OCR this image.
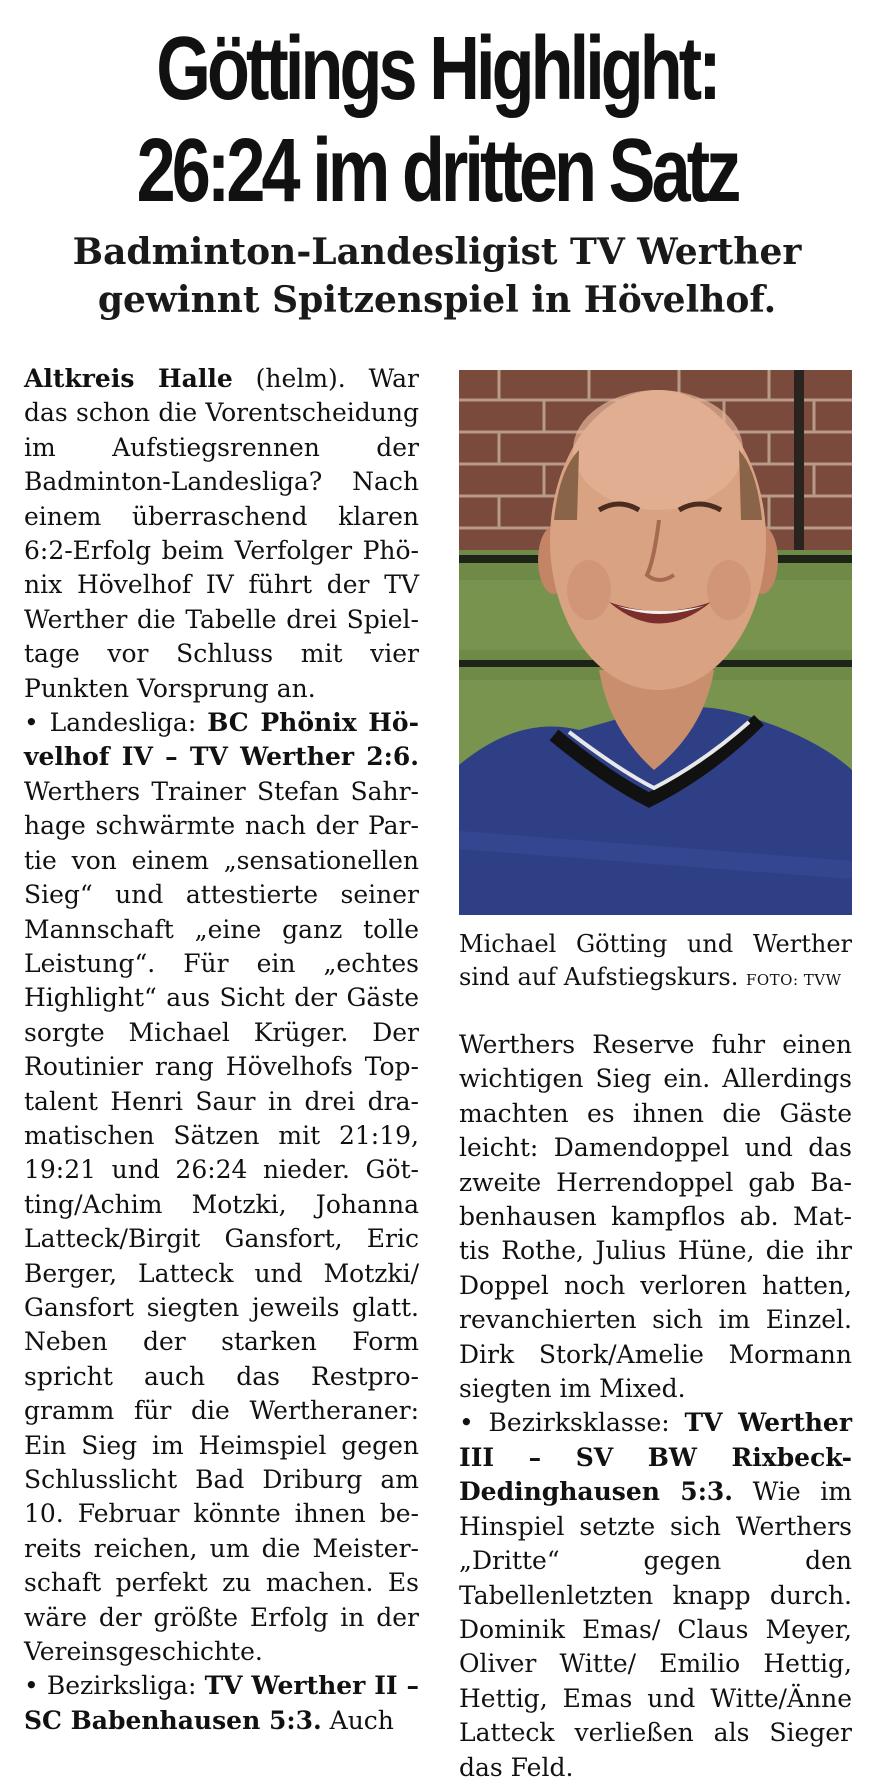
Göttings Highlight:
26:24 im dritten Satz
Badminton-Landesligist TV Werther
gewinnt Spitzenspiel in Hövelhof.

Altkreis Halle (helm). War das schon die Vorentscheidung im Aufstiegsrennen der Badminton-Landesliga? Nach einem überraschend klaren 6:2-Erfolg beim Verfolger Phönix Hövelhof IV führt der TV Werther die Tabelle drei Spieltage vor Schluss mit vier Punkten Vorsprung an.

• Landesliga: BC Phönix Hövelhof IV – TV Werther 2:6. Werthers Trainer Stefan Sahrhage schwärmte nach der Partie von einem „sensationellen Sieg“ und attestierte seiner Mannschaft „eine ganz tolle Leistung“. Für ein „echtes Highlight“ aus Sicht der Gäste sorgte Michael Krüger. Der Routinier rang Hövelhofs Toptalent Henri Saur in drei dramatischen Sätzen mit 21:19, 19:21 und 26:24 nieder. Götting/Achim Motzki, Johanna Latteck/Birgit Gansfort, Eric Berger, Latteck und Motzki/ Gansfort siegten jeweils glatt. Neben der starken Form spricht auch das Restprogramm für die Wertheraner: Ein Sieg im Heimspiel gegen Schlusslicht Bad Driburg am 10. Februar könnte ihnen bereits reichen, um die Meisterschaft perfekt zu machen. Es wäre der größte Erfolg in der Vereinsgeschichte.

• Bezirksliga: TV Werther II – SC Babenhausen 5:3. Auch

Michael Götting und Werther sind auf Aufstiegskurs. FOTO: TVW

Werthers Reserve fuhr einen wichtigen Sieg ein. Allerdings machten es ihnen die Gäste leicht: Damendoppel und das zweite Herrendoppel gab Babenhausen kampflos ab. Mattis Rothe, Julius Hüne, die ihr Doppel noch verloren hatten, revanchierten sich im Einzel. Dirk Stork/Amelie Mormann siegten im Mixed.

• Bezirksklasse: TV Werther III – SV BW Rixbeck-Dedinghausen 5:3. Wie im Hinspiel setzte sich Werthers „Dritte“ gegen den Tabellenletzten knapp durch. Dominik Emas/ Claus Meyer, Oliver Witte/ Emilio Hettig, Hettig, Emas und Witte/Änne Latteck verließen als Sieger das Feld.
